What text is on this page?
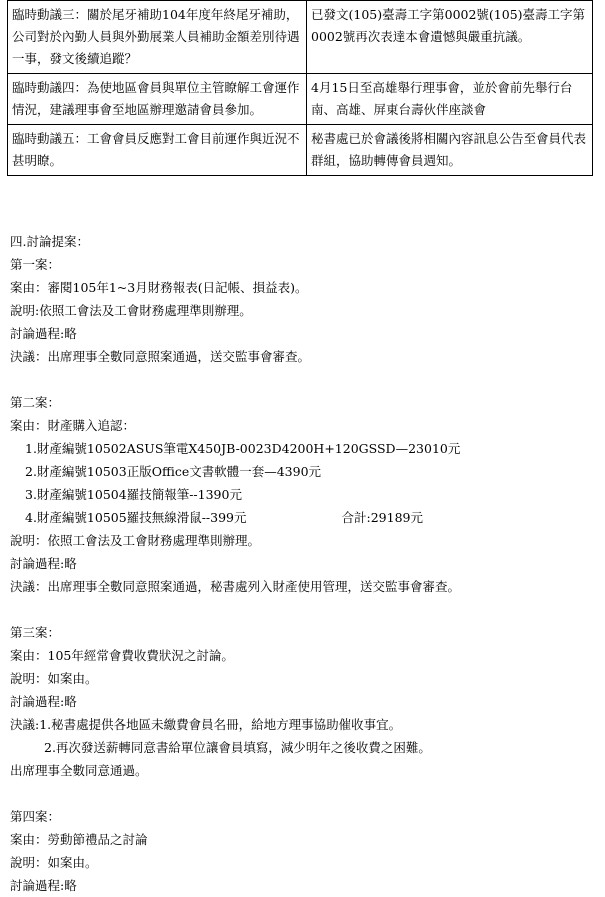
臨時動議三：關於尾牙補助104年度年終尾牙補助，公司對於內勤人員與外勤展業人員補助金額差別待遇一事，發文後續追蹤？	已發文(105)臺壽工字第0002號(105)臺壽工字第0002號再次表達本會遺憾與嚴重抗議。
臨時動議四：為使地區會員與單位主管瞭解工會運作情況，建議理事會至地區辦理邀請會員參加。	4月15日至高雄舉行理事會，並於會前先舉行台南、高雄、屏東台壽伙伴座談會
臨時動議五：工會會員反應對工會目前運作與近況不甚明瞭。	秘書處已於會議後將相關內容訊息公告至會員代表群組，協助轉傳會員週知。
四.討論提案：
第一案：
案由：審閱105年1~3月財務報表(日記帳、損益表)。
說明:依照工會法及工會財務處理準則辦理。
討論過程:略
決議：出席理事全數同意照案通過，送交監事會審查。
第二案：
案由：財產購入追認：
1.財產編號10502ASUS筆電X450JB-0023D4200H+120GSSD—23010元
2.財產編號10503正版Office文書軟體一套—4390元
3.財產編號10504羅技簡報筆--1390元
4.財產編號10505羅技無線滑鼠--399元	合計:29189元
說明：依照工會法及工會財務處理準則辦理。
討論過程:略
決議：出席理事全數同意照案通過，秘書處列入財產使用管理，送交監事會審查。
第三案：
案由：105年經常會費收費狀況之討論。
說明：如案由。
討論過程:略
決議:1.秘書處提供各地區未繳費會員名冊，給地方理事協助催收事宜。
2.再次發送薪轉同意書給單位讓會員填寫，減少明年之後收費之困難。
出席理事全數同意通過。
第四案：
案由：勞動節禮品之討論
說明：如案由。
討論過程:略
